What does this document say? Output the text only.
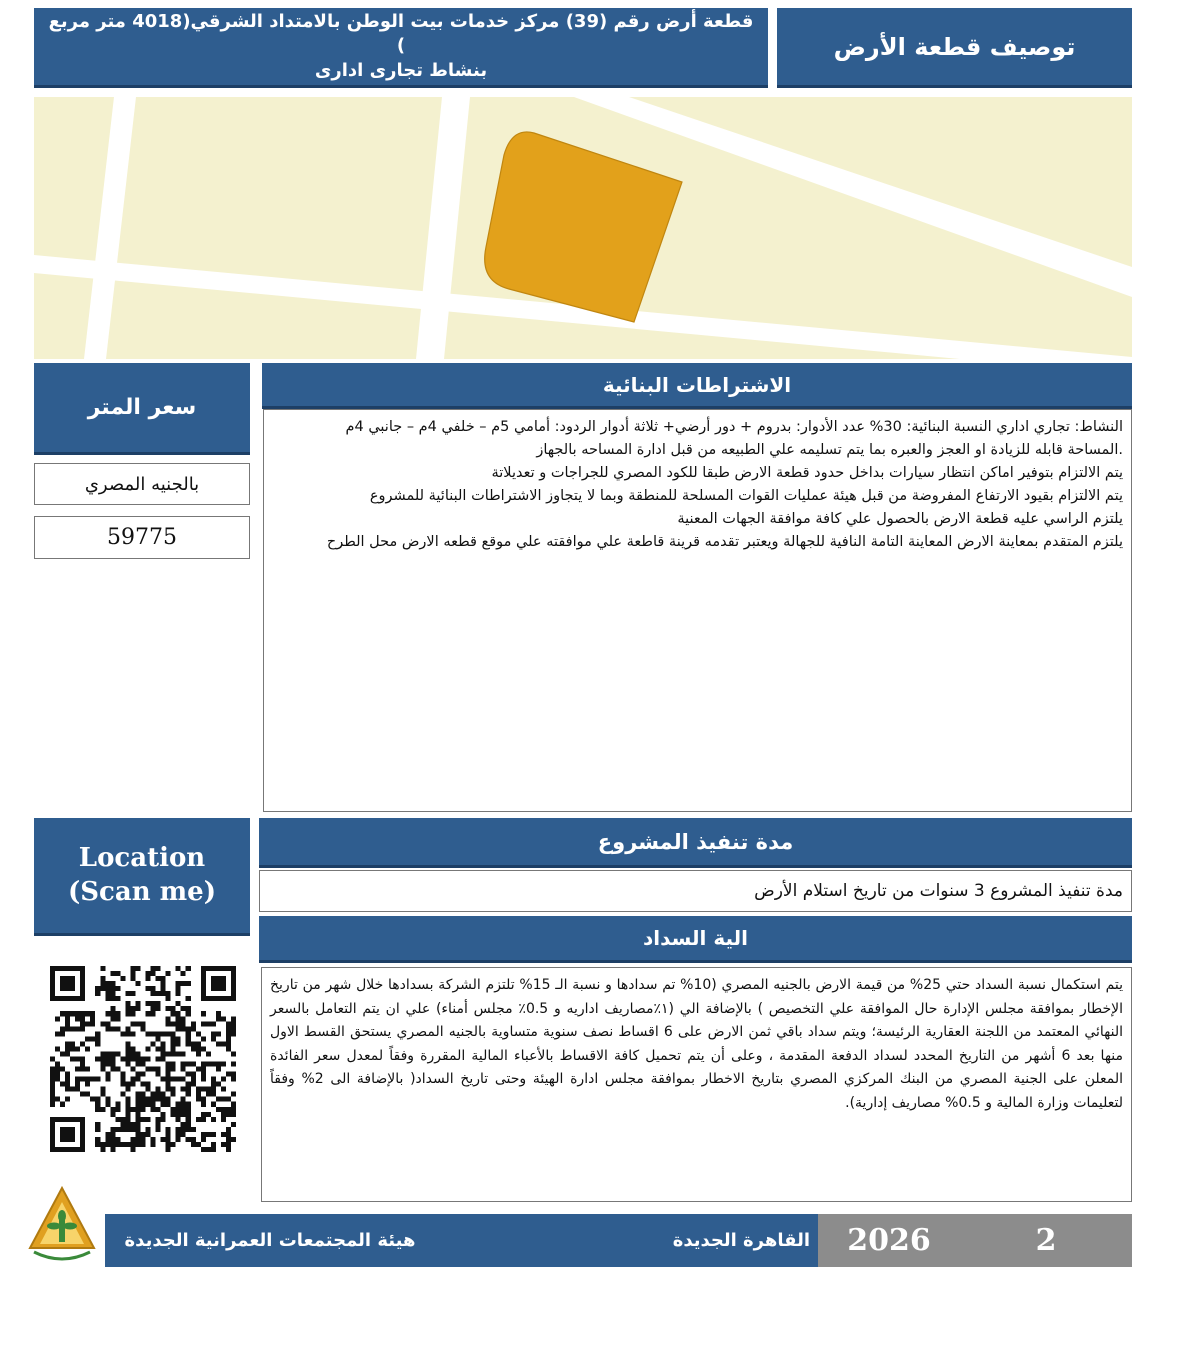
توصيف قطعة الأرض
قطعة أرض رقم (39) مركز خدمات بيت الوطن بالامتداد الشرقي(4018 متر مربع )
بنشاط تجارى ادارى
الاشتراطات البنائية

النشاط: تجاري اداري النسبة البنائية: 30% عدد الأدوار: بدروم + دور أرضي+ ثلاثة أدوار الردود: أمامي 5م – خلفي 4م – جانبي 4م

.المساحة قابله للزيادة او العجز والعبره بما يتم تسليمه علي الطبيعه من قبل ادارة المساحه بالجهاز

يتم الالتزام بتوفير اماكن انتظار سيارات بداخل حدود قطعة الارض طبقا للكود المصري للجراجات و تعديلاتة

يتم الالتزام بقيود الارتفاع المفروضة من قبل هيئة عمليات القوات المسلحة للمنطقة وبما لا يتجاوز الاشتراطات البنائية للمشروع

يلتزم الراسي عليه قطعة الارض بالحصول علي كافة موافقة الجهات المعنية

يلتزم المتقدم بمعاينة الارض المعاينة التامة النافية للجهالة ويعتبر تقدمه قرينة قاطعة علي موافقته علي موقع قطعه الارض محل الطرح

سعر المتر
بالجنيه المصري
59775
مدة تنفيذ المشروع
مدة تنفيذ المشروع 3 سنوات من تاريخ استلام الأرض
Location
(Scan me)
الية السداد
يتم استكمال نسبة السداد حتي 25% من قيمة الارض بالجنيه المصري (10% تم سدادها و نسبة الـ 15% تلتزم الشركة بسدادها خلال شهر من تاريخ الإخطار بموافقة مجلس الإدارة حال الموافقة علي التخصيص ) بالإضافة الي (١٪مصاريف اداريه و 0.5٪ مجلس أمناء) علي ان يتم التعامل بالسعر النهائي المعتمد من اللجنة العقارية الرئيسة؛ ويتم سداد باقي ثمن الارض على 6 اقساط نصف سنوية متساوية بالجنيه المصري يستحق القسط الاول منها بعد 6 أشهر من التاريخ المحدد لسداد الدفعة المقدمة ، وعلى أن يتم تحميل كافة الاقساط بالأعباء المالية المقررة وفقاً لمعدل سعر الفائدة المعلن على الجنية المصري من البنك المركزي المصري بتاريخ الاخطار بموافقة مجلس ادارة الهيئة وحتى تاريخ السداد( بالإضافة الى 2% وفقاً لتعليمات وزارة المالية و 0.5% مصاريف إدارية).
هيئة المجتمعات العمرانية الجديدة	القاهرة الجديدة	2026	2
